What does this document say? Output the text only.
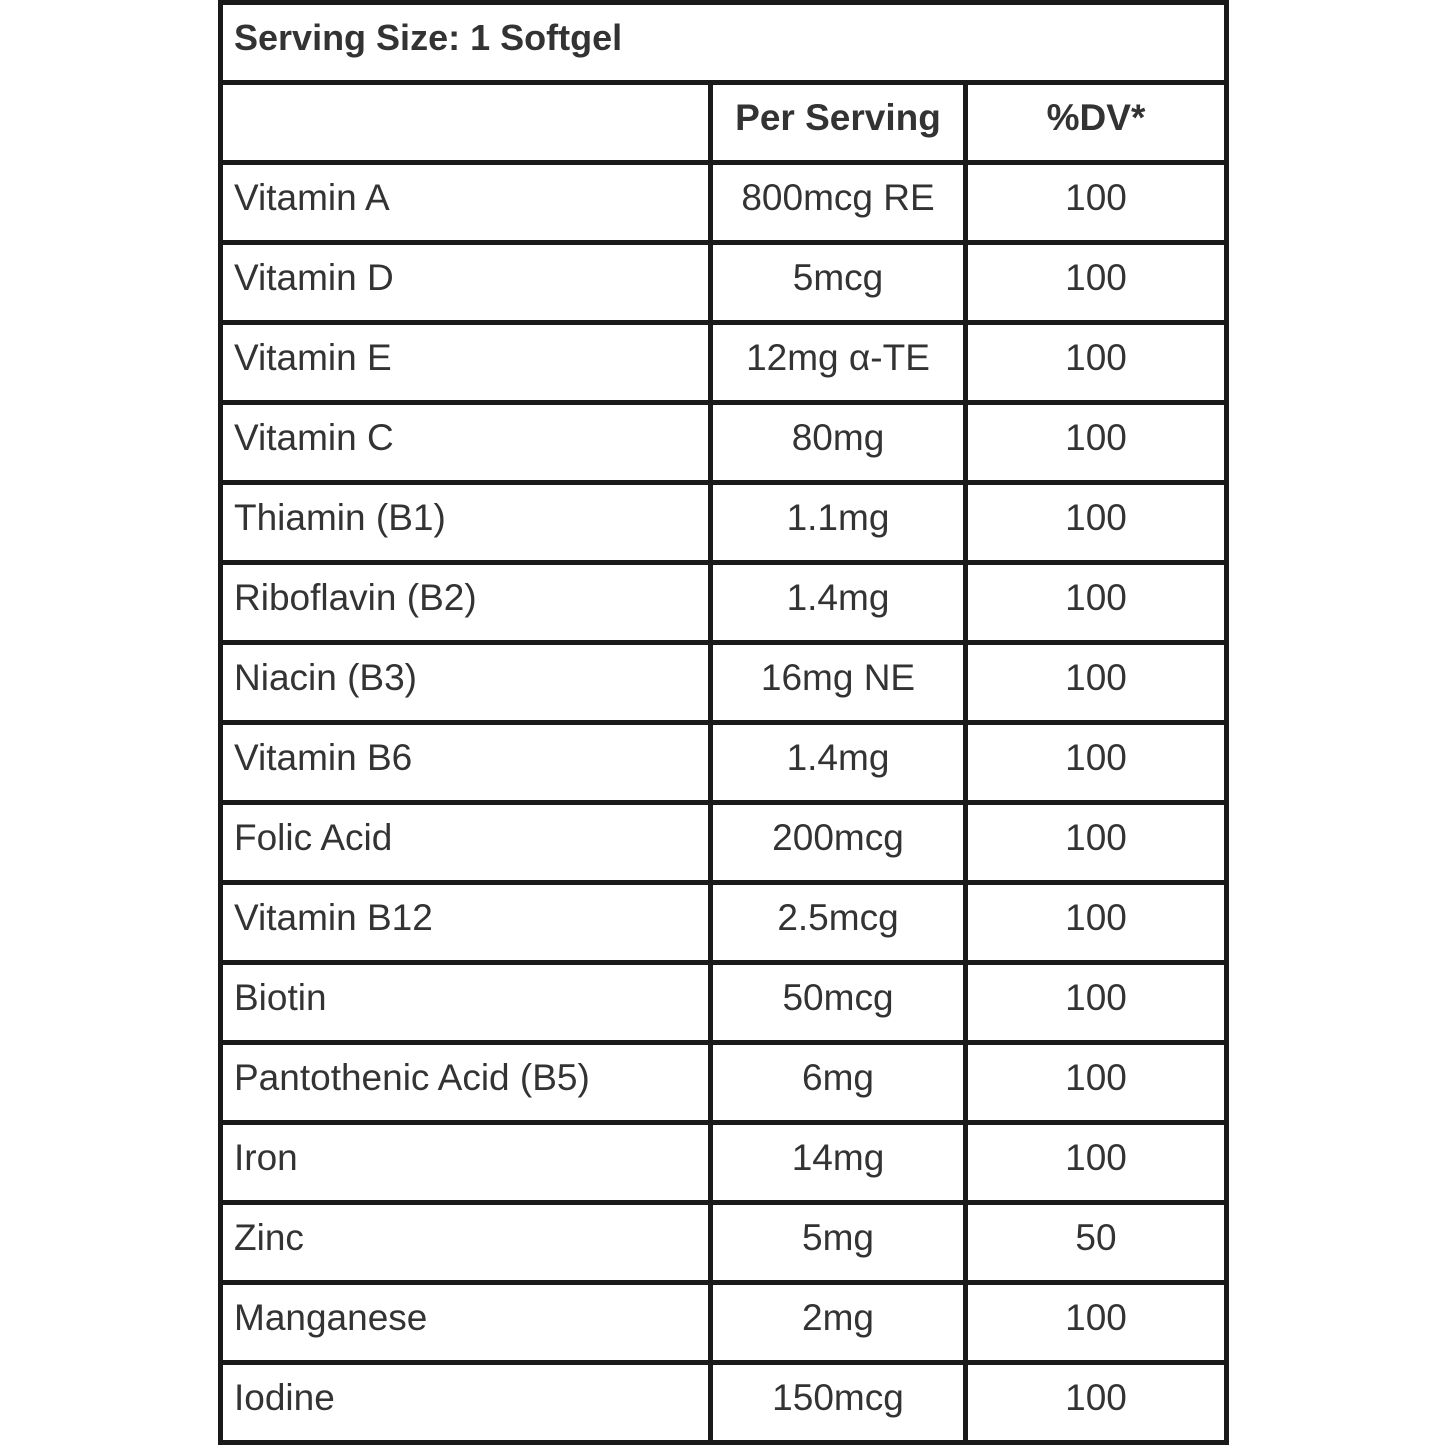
Serving Size: 1 Softgel

	Per Serving	%DV*

Vitamin A	800mcg RE	100

Vitamin D	5mcg	100

Vitamin E	12mg α-TE	100

Vitamin C	80mg	100

Thiamin (B1)	1.1mg	100

Riboflavin (B2)	1.4mg	100

Niacin (B3)	16mg NE	100

Vitamin B6	1.4mg	100

Folic Acid	200mcg	100

Vitamin B12	2.5mcg	100

Biotin	50mcg	100

Pantothenic Acid (B5)	6mg	100

Iron	14mg	100

Zinc	5mg	50

Manganese	2mg	100

Iodine	150mcg	100
